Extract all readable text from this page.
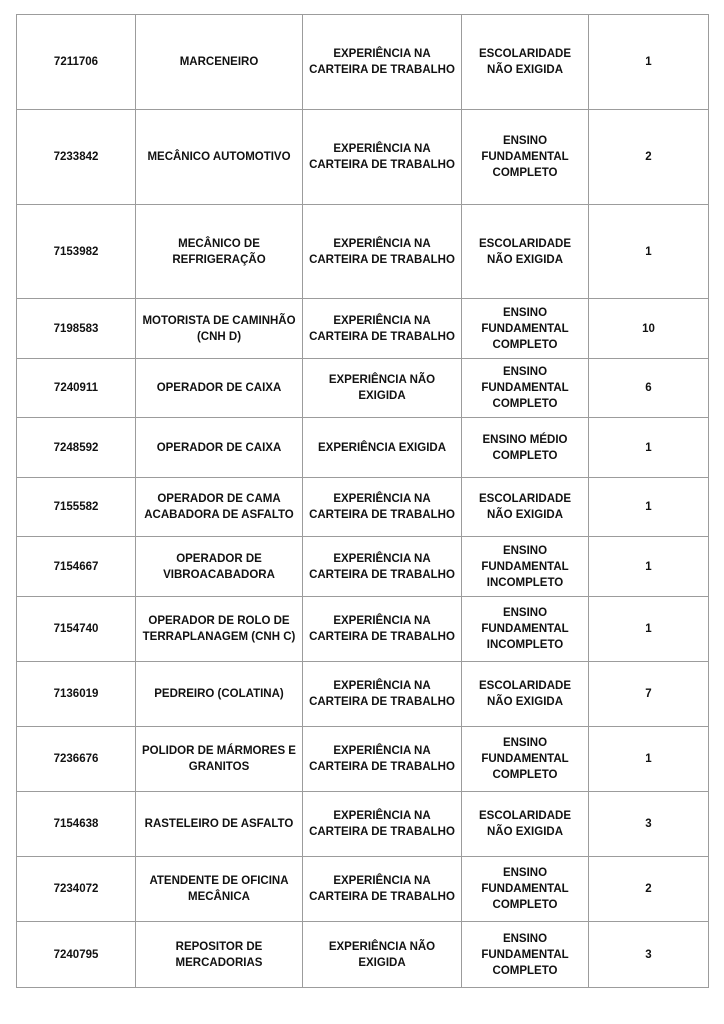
7211706	MARCENEIRO	EXPERIÊNCIA NA CARTEIRA DE TRABALHO	ESCOLARIDADE NÃO EXIGIDA	1
7233842	MECÂNICO AUTOMOTIVO	EXPERIÊNCIA NA CARTEIRA DE TRABALHO	ENSINO FUNDAMENTAL COMPLETO	2
7153982	MECÂNICO DE REFRIGERAÇÃO	EXPERIÊNCIA NA CARTEIRA DE TRABALHO	ESCOLARIDADE NÃO EXIGIDA	1
7198583	MOTORISTA DE CAMINHÃO (CNH D)	EXPERIÊNCIA NA CARTEIRA DE TRABALHO	ENSINO FUNDAMENTAL COMPLETO	10
7240911	OPERADOR DE CAIXA	EXPERIÊNCIA NÃO EXIGIDA	ENSINO FUNDAMENTAL COMPLETO	6
7248592	OPERADOR DE CAIXA	EXPERIÊNCIA EXIGIDA	ENSINO MÉDIO COMPLETO	1
7155582	OPERADOR DE CAMA ACABADORA DE ASFALTO	EXPERIÊNCIA NA CARTEIRA DE TRABALHO	ESCOLARIDADE NÃO EXIGIDA	1
7154667	OPERADOR DE VIBROACABADORA	EXPERIÊNCIA NA CARTEIRA DE TRABALHO	ENSINO FUNDAMENTAL INCOMPLETO	1
7154740	OPERADOR DE ROLO DE TERRAPLANAGEM (CNH C)	EXPERIÊNCIA NA CARTEIRA DE TRABALHO	ENSINO FUNDAMENTAL INCOMPLETO	1
7136019	PEDREIRO (COLATINA)	EXPERIÊNCIA NA CARTEIRA DE TRABALHO	ESCOLARIDADE NÃO EXIGIDA	7
7236676	POLIDOR DE MÁRMORES E GRANITOS	EXPERIÊNCIA NA CARTEIRA DE TRABALHO	ENSINO FUNDAMENTAL COMPLETO	1
7154638	RASTELEIRO DE ASFALTO	EXPERIÊNCIA NA CARTEIRA DE TRABALHO	ESCOLARIDADE NÃO EXIGIDA	3
7234072	ATENDENTE DE OFICINA MECÂNICA	EXPERIÊNCIA NA CARTEIRA DE TRABALHO	ENSINO FUNDAMENTAL COMPLETO	2
7240795	REPOSITOR DE MERCADORIAS	EXPERIÊNCIA NÃO EXIGIDA	ENSINO FUNDAMENTAL COMPLETO	3
